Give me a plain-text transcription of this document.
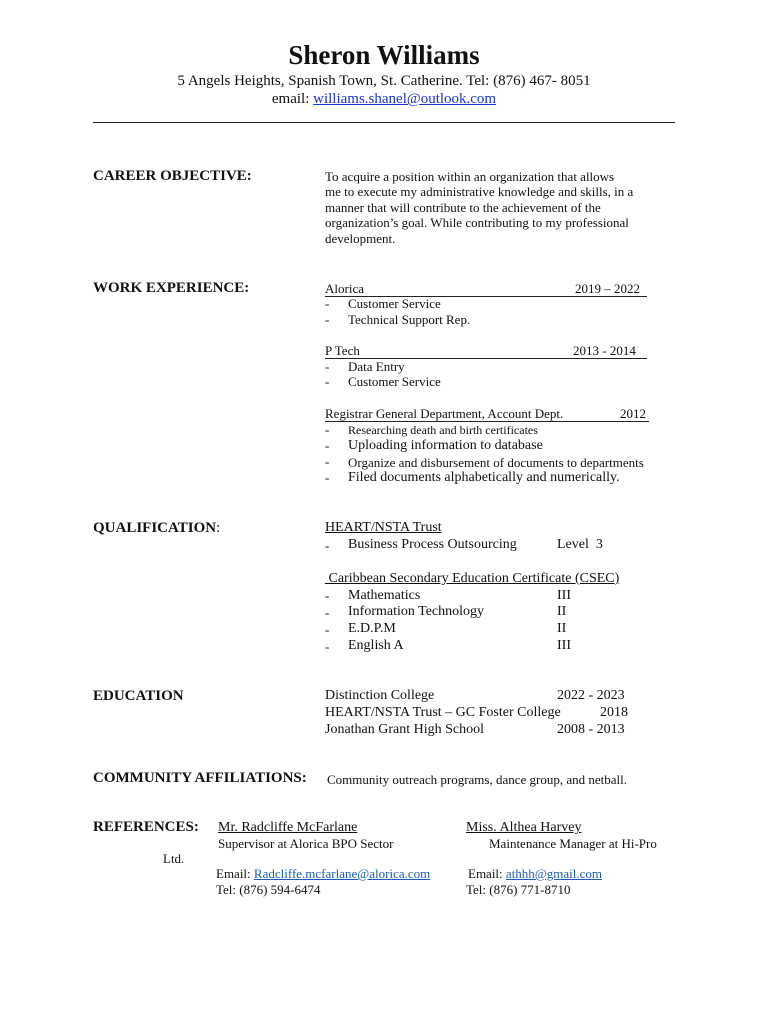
Sheron Williams
5 Angels Heights, Spanish Town, St. Catherine. Tel: (876) 467- 8051
email: williams.shanel@outlook.com
CAREER OBJECTIVE:	To acquire a position within an organization that allows
me to execute my administrative knowledge and skills, in a
manner that will contribute to the achievement of the
organization’s goal. While contributing to my professional
development.
WORK EXPERIENCE:	Alorica	2019 – 2022
- Customer Service
- Technical Support Rep.
P Tech	2013 - 2014
- Data Entry
- Customer Service
Registrar General Department, Account Dept.	2012
- Researching death and birth certificates
- Uploading information to database
- Organize and disbursement of documents to departments
- Filed documents alphabetically and numerically.
QUALIFICATION:	HEART/NSTA Trust
- Business Process Outsourcing	Level  3
Caribbean Secondary Education Certificate (CSEC)
- Mathematics	III
- Information Technology	II
- E.D.P.M	II
- English A	III
EDUCATION	Distinction College	2022 - 2023
HEART/NSTA Trust – GC Foster College	2018
Jonathan Grant High School	2008 - 2013
COMMUNITY AFFILIATIONS: Community outreach programs, dance group, and netball.
REFERENCES: Mr. Radcliffe McFarlane
Supervisor at Alorica BPO Sector
Email: Radcliffe.mcfarlane@alorica.com
Tel: (876) 594-6474
Miss. Althea Harvey
Maintenance Manager at Hi-Pro
Ltd.
Email: athhh@gmail.com
Tel: (876) 771-8710
